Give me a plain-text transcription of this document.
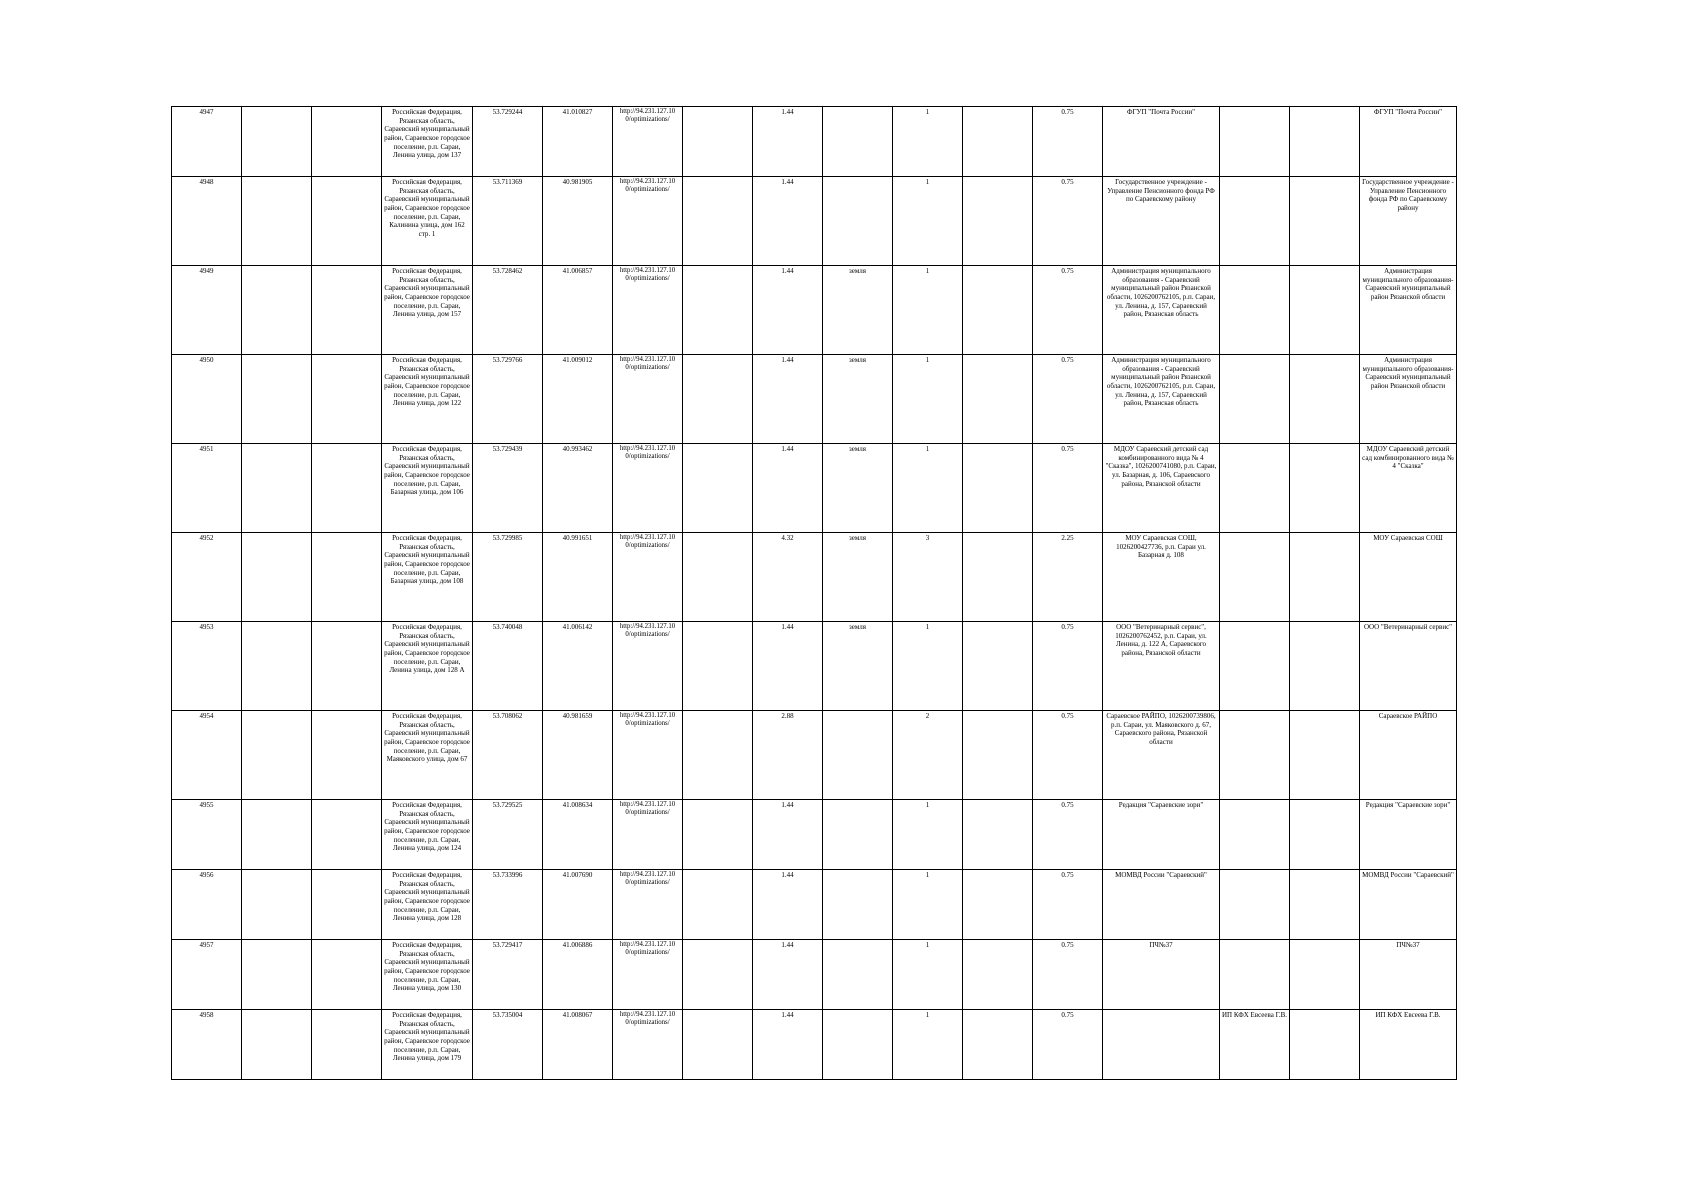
4947			Российская Федерация, Рязанская область, Сараевский муниципальный район, Сараевское городское поселение, р.п. Сараи, Ленина улица, дом 137	53.729244	41.010827	http://94.231.127.10 0/optimizations/		1.44		1		0.75	ФГУП "Почта России"			ФГУП "Почта России"
4948			Российская Федерация, Рязанская область, Сараевский муниципальный район, Сараевское городское поселение, р.п. Сараи, Калинина улица, дом 162 стр. 1	53.711369	40.981905	http://94.231.127.10 0/optimizations/		1.44		1		0.75	Государственное учреждение - Управление Пенсионного фонда РФ по Сараевскому району			Государственное учреждение - Управление Пенсионного фонда РФ по Сараевскому району
4949			Российская Федерация, Рязанская область, Сараевский муниципальный район, Сараевское городское поселение, р.п. Сараи, Ленина улица, дом 157	53.728462	41.006857	http://94.231.127.10 0/optimizations/		1.44	земля	1		0.75	Администрация муниципального образования - Сараевский муниципальный район Рязанской области, 1026200762105, р.п. Сараи, ул. Ленина, д. 157, Сараевский район, Рязанская область			Администрация муниципального образования-Сараевский муниципальный район Рязанской области
4950			Российская Федерация, Рязанская область, Сараевский муниципальный район, Сараевское городское поселение, р.п. Сараи, Ленина улица, дом 122	53.729766	41.009012	http://94.231.127.10 0/optimizations/		1.44	земля	1		0.75	Администрация муниципального образования - Сараевский муниципальный район Рязанской области, 1026200762105, р.п. Сараи, ул. Ленина, д. 157, Сараевский район, Рязанская область			Администрация муниципального образования-Сараевский муниципальный район Рязанской области
4951			Российская Федерация, Рязанская область, Сараевский муниципальный район, Сараевское городское поселение, р.п. Сараи, Базарная улица, дом 106	53.729439	40.993462	http://94.231.127.10 0/optimizations/		1.44	земля	1		0.75	МДОУ Сараевский детский сад комбинированного вида № 4 "Сказка", 1026200741080, р.п. Сараи, ул. Базарная, д. 106, Сараевского района, Рязанской области			МДОУ Сараевский детский сад комбинированного вида № 4 "Сказка"
4952			Российская Федерация, Рязанская область, Сараевский муниципальный район, Сараевское городское поселение, р.п. Сараи, Базарная улица, дом 108	53.729985	40.991651	http://94.231.127.10 0/optimizations/		4.32	земля	3		2.25	МОУ Сараевская СОШ, 1026200427736, р.п. Сараи ул. Базарная д. 108			МОУ Сараевская СОШ
4953			Российская Федерация, Рязанская область, Сараевский муниципальный район, Сараевское городское поселение, р.п. Сараи, Ленина улица, дом 128 А	53.740048	41.006142	http://94.231.127.10 0/optimizations/		1.44	земля	1		0.75	ООО "Ветеринарный сервис", 1026200762452, р.п. Сараи, ул. Ленина, д. 122 А, Сараевского района, Рязанской области			ООО "Ветеринарный сервис"
4954			Российская Федерация, Рязанская область, Сараевский муниципальный район, Сараевское городское поселение, р.п. Сараи, Маяковского улица, дом 67	53.708062	40.981659	http://94.231.127.10 0/optimizations/		2.88		2		0.75	Сараевское РАЙПО, 1026200739806, р.п. Сараи, ул. Маяковского д. 67, Сараевского района, Рязанской области			Сараевское РАЙПО
4955			Российская Федерация, Рязанская область, Сараевский муниципальный район, Сараевское городское поселение, р.п. Сараи, Ленина улица, дом 124	53.729525	41.008634	http://94.231.127.10 0/optimizations/		1.44		1		0.75	Редакция "Сараевские зори"			Редакция "Сараевские зори"
4956			Российская Федерация, Рязанская область, Сараевский муниципальный район, Сараевское городское поселение, р.п. Сараи, Ленина улица, дом 128	53.733996	41.007690	http://94.231.127.10 0/optimizations/		1.44		1		0.75	МОМВД России "Сараевский"			МОМВД России "Сараевский"
4957			Российская Федерация, Рязанская область, Сараевский муниципальный район, Сараевское городское поселение, р.п. Сараи, Ленина улица, дом 130	53.729417	41.006886	http://94.231.127.10 0/optimizations/		1.44		1		0.75	ПЧ№37			ПЧ№37
4958			Российская Федерация, Рязанская область, Сараевский муниципальный район, Сараевское городское поселение, р.п. Сараи, Ленина улица, дом 179	53.735004	41.008067	http://94.231.127.10 0/optimizations/		1.44		1		0.75		ИП КФХ Евсеева Г.В.		ИП КФХ Евсеева Г.В.
